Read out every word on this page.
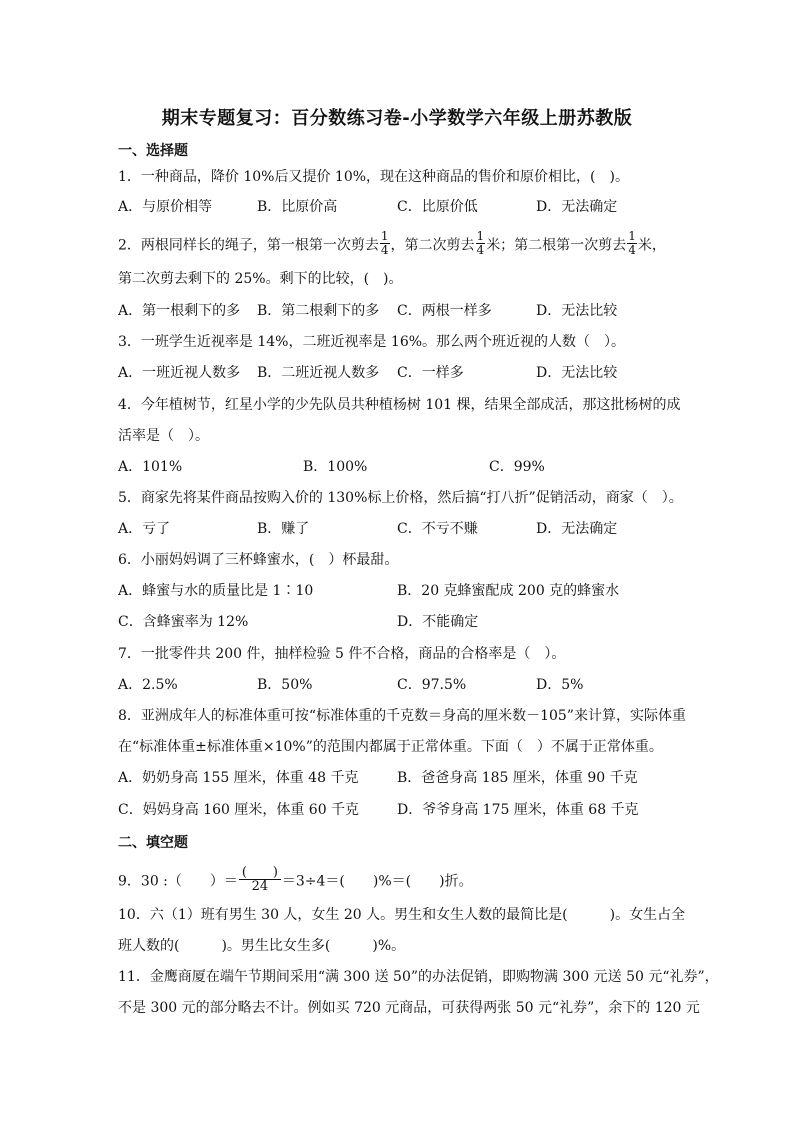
期末专题复习：百分数练习卷-小学数学六年级上册苏教版
一、选择题
1．一种商品，降价 10%后又提价 10%，现在这种商品的售价和原价相比，(　)。
A．与原价相等	B．比原价高	C．比原价低	D．无法确定
2．两根同样长的绳子，第一根第一次剪去 $\frac{1}{4}$ ，第二次剪去 $\frac{1}{4}$ 米；第二根第一次剪去 $\frac{1}{4}$ 米，
第二次剪去剩下的 25%。剩下的比较，(　)。
A．第一根剩下的多 B．第二根剩下的多 C．两根一样多	D．无法比较
3．一班学生近视率是 14%，二班近视率是 16%。那么两个班近视的人数（　）。
A．一班近视人数多 B．二班近视人数多 C．一样多	D．无法比较
4．今年植树节，红星小学的少先队员共种植杨树 101 棵，结果全部成活，那这批杨树的成
活率是（　）。
A．101%	B．100%	C．99%
5．商家先将某件商品按购入价的 130%标上价格，然后搞“打八折”促销活动，商家（　）。
A．亏了	B．赚了	C．不亏不赚	D．无法确定
6．小丽妈妈调了三杯蜂蜜水，(　）杯最甜。
A．蜂蜜与水的质量比是 1∶10	B．20 克蜂蜜配成 200 克的蜂蜜水
C．含蜂蜜率为 12%	D．不能确定
7．一批零件共 200 件，抽样检验 5 件不合格，商品的合格率是（　）。
A．2.5%	B．50%	C．97.5%	D．5%
8．亚洲成年人的标准体重可按“标准体重的千克数＝身高的厘米数－105”来计算，实际体重
在“标准体重±标准体重×10%”的范围内都属于正常体重。下面（　）不属于正常体重。
A．奶奶身高 155 厘米，体重 48 千克	B．爸爸身高 185 厘米，体重 90 千克
C．妈妈身高 160 厘米，体重 60 千克	D．爷爷身高 175 厘米，体重 68 千克
二、填空题
9．30 :（　　）＝ $\frac{( )}{24} =3\div 4=$(　　)%＝(　　)折。
10．六（1）班有男生 30 人，女生 20 人。男生和女生人数的最简比是(　　　)。女生占全
班人数的(　　　)。男生比女生多(　　　)%。
11．金鹰商厦在端午节期间采用“满 300 送 50”的办法促销，即购物满 300 元送 50 元“礼券”，
不是 300 元的部分略去不计。例如买 720 元商品，可获得两张 50 元“礼券”，余下的 120 元
